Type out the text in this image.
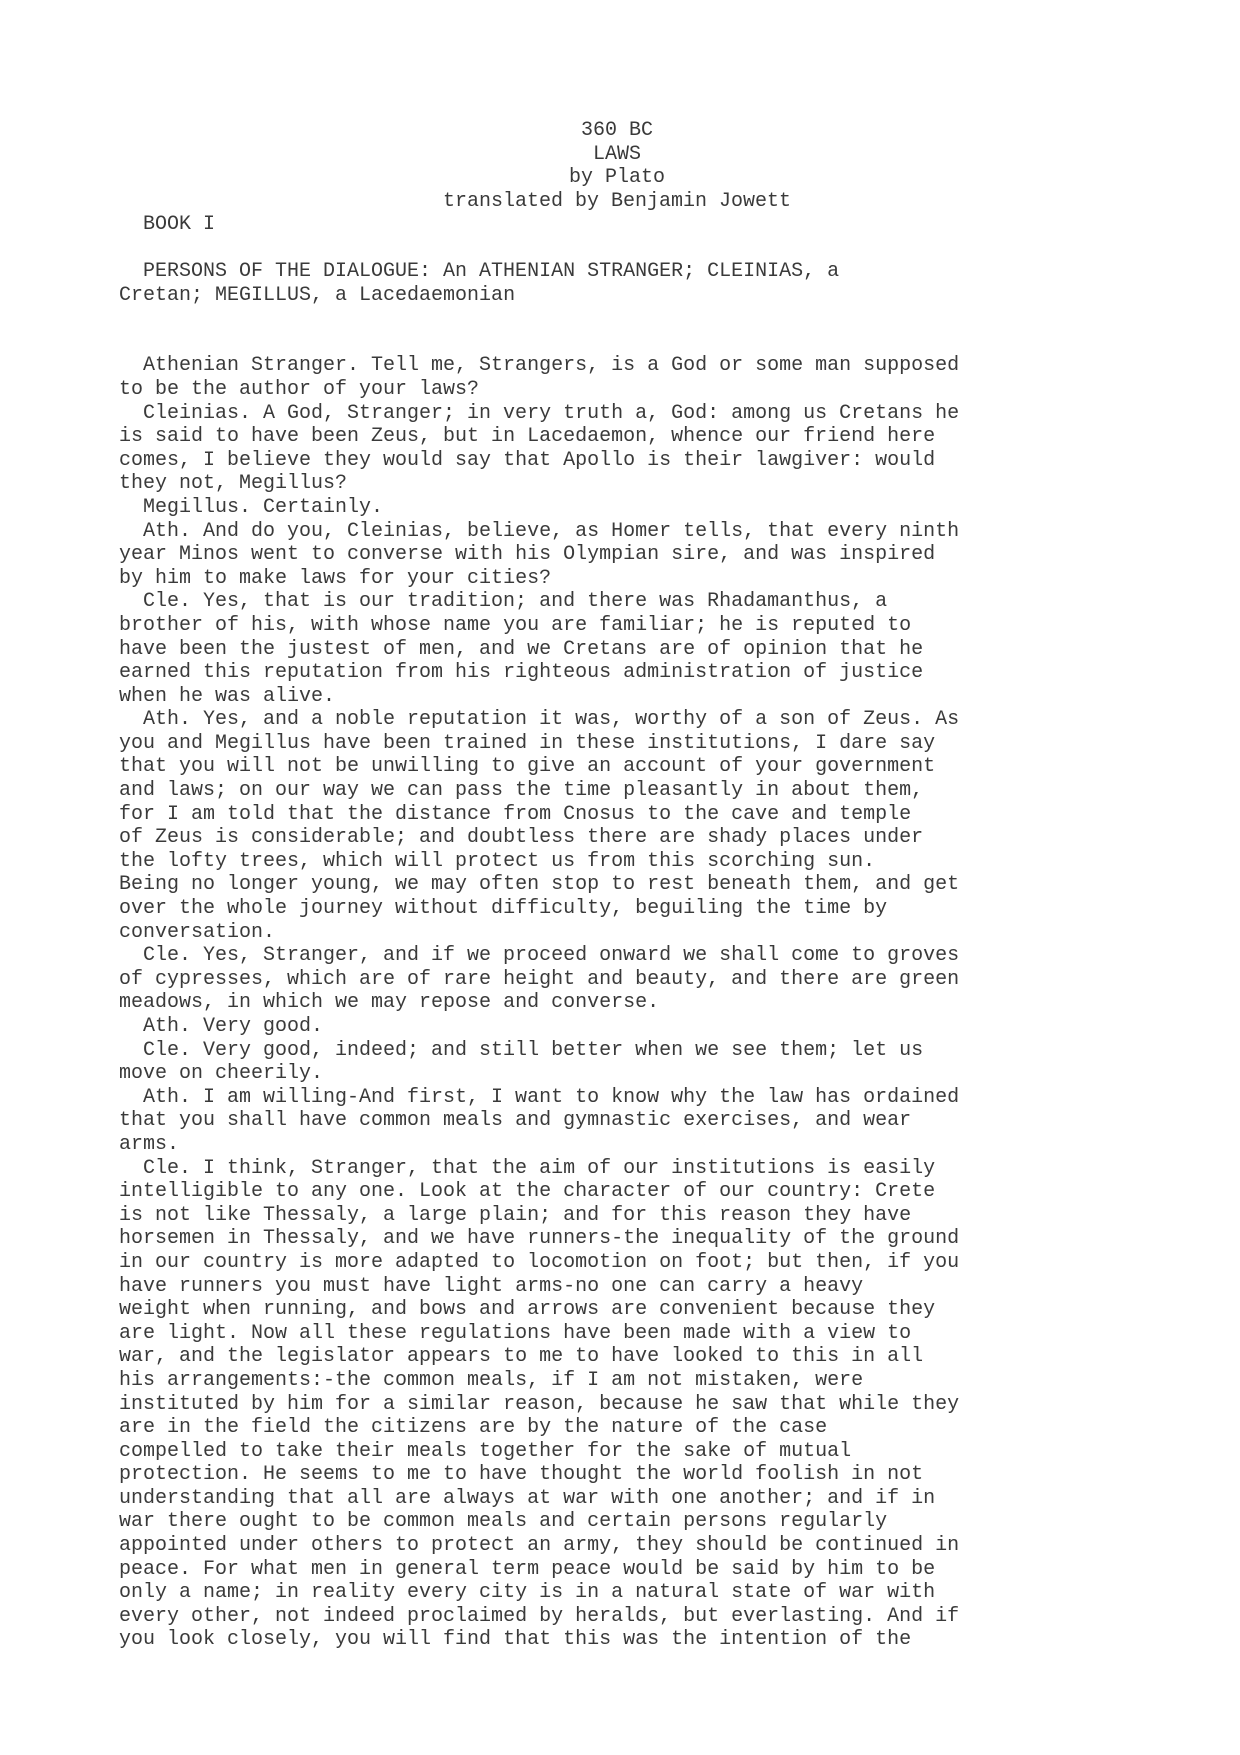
360 BC
LAWS
by Plato
translated by Benjamin Jowett
BOOK I
PERSONS OF THE DIALOGUE: An ATHENIAN STRANGER; CLEINIAS, a
Cretan; MEGILLUS, a Lacedaemonian
Athenian Stranger. Tell me, Strangers, is a God or some man supposed
to be the author of your laws?
Cleinias. A God, Stranger; in very truth a, God: among us Cretans he
is said to have been Zeus, but in Lacedaemon, whence our friend here
comes, I believe they would say that Apollo is their lawgiver: would
they not, Megillus?
Megillus. Certainly.
Ath. And do you, Cleinias, believe, as Homer tells, that every ninth
year Minos went to converse with his Olympian sire, and was inspired
by him to make laws for your cities?
Cle. Yes, that is our tradition; and there was Rhadamanthus, a
brother of his, with whose name you are familiar; he is reputed to
have been the justest of men, and we Cretans are of opinion that he
earned this reputation from his righteous administration of justice
when he was alive.
Ath. Yes, and a noble reputation it was, worthy of a son of Zeus. As
you and Megillus have been trained in these institutions, I dare say
that you will not be unwilling to give an account of your government
and laws; on our way we can pass the time pleasantly in about them,
for I am told that the distance from Cnosus to the cave and temple
of Zeus is considerable; and doubtless there are shady places under
the lofty trees, which will protect us from this scorching sun.
Being no longer young, we may often stop to rest beneath them, and get
over the whole journey without difficulty, beguiling the time by
conversation.
Cle. Yes, Stranger, and if we proceed onward we shall come to groves
of cypresses, which are of rare height and beauty, and there are green
meadows, in which we may repose and converse.
Ath. Very good.
Cle. Very good, indeed; and still better when we see them; let us
move on cheerily.
Ath. I am willing-And first, I want to know why the law has ordained
that you shall have common meals and gymnastic exercises, and wear
arms.
Cle. I think, Stranger, that the aim of our institutions is easily
intelligible to any one. Look at the character of our country: Crete
is not like Thessaly, a large plain; and for this reason they have
horsemen in Thessaly, and we have runners-the inequality of the ground
in our country is more adapted to locomotion on foot; but then, if you
have runners you must have light arms-no one can carry a heavy
weight when running, and bows and arrows are convenient because they
are light. Now all these regulations have been made with a view to
war, and the legislator appears to me to have looked to this in all
his arrangements:-the common meals, if I am not mistaken, were
instituted by him for a similar reason, because he saw that while they
are in the field the citizens are by the nature of the case
compelled to take their meals together for the sake of mutual
protection. He seems to me to have thought the world foolish in not
understanding that all are always at war with one another; and if in
war there ought to be common meals and certain persons regularly
appointed under others to protect an army, they should be continued in
peace. For what men in general term peace would be said by him to be
only a name; in reality every city is in a natural state of war with
every other, not indeed proclaimed by heralds, but everlasting. And if
you look closely, you will find that this was the intention of the
